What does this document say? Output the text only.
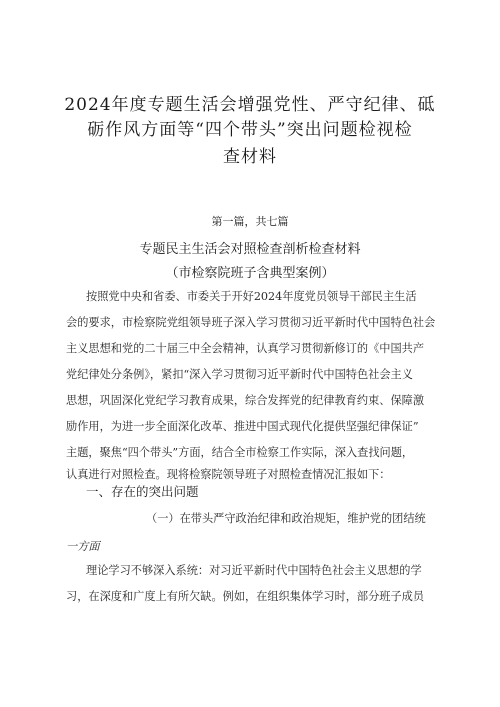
2024年度专题生活会增强党性、严守纪律、砥
砺作风方面等“四个带头”突出问题检视检
查材料
第一篇，共七篇
专题民主生活会对照检查剖析检查材料
（市检察院班子含典型案例）
按照党中央和省委、市委关于开好2024年度党员领导干部民主生活
会的要求，市检察院党组领导班子深入学习贯彻习近平新时代中国特色社会
主义思想和党的二十届三中全会精神，认真学习贯彻新修订的《中国共产
党纪律处分条例》，紧扣“深入学习贯彻习近平新时代中国特色社会主义
思想，巩固深化党纪学习教育成果，综合发挥党的纪律教育约束、保障激
励作用，为进一步全面深化改革、推进中国式现代化提供坚强纪律保证”
主题，聚焦“四个带头”方面，结合全市检察工作实际，深入查找问题，
一、存在的突出问题
（一）在带头严守政治纪律和政治规矩，维护党的团结统
一方面
理论学习不够深入系统：对习近平新时代中国特色社会主义思想的学
习，在深度和广度上有所欠缺。例如，在组织集体学习时，部分班子成员
认真进行对照检查。现将检察院领导班子对照检查情况汇报如下：
